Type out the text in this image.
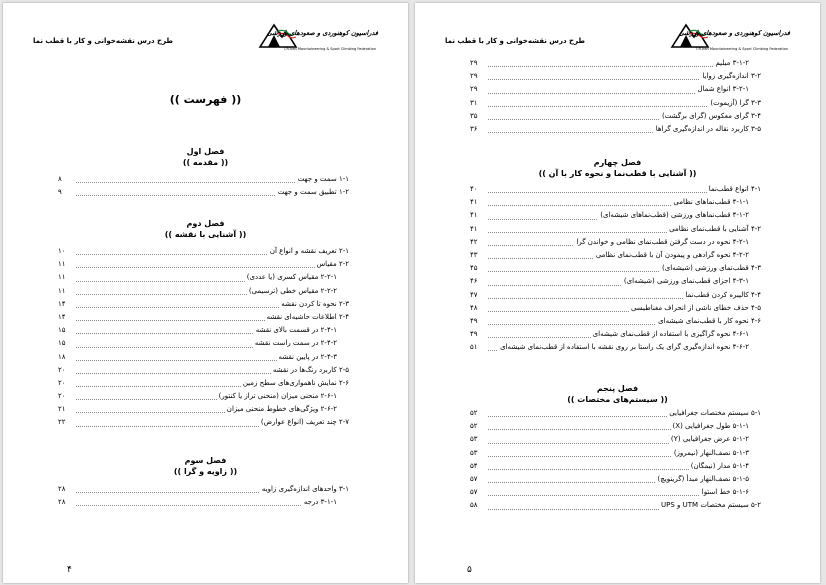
طرح درس نقشه‌خوانی و کار با قطب نما
فدراسیون کوهنوردی و صعودهای ورزشی
I.R.Iran Mountaineering & Sport Climbing Federation
(( فهرست ))
فصل اول
(( مقدمه ))
۱-۱ سمت و جهت
۸
۱-۲ تطبیق سمت و جهت
۹
فصل دوم
(( آشنایی با نقشه ))
۲-۱ تعریف نقشه و انواع آن
۱۰
۲-۲ مقیاس
۱۱
۲-۲-۱ مقیاس کسری (یا عددی)
۱۱
۲-۲-۲ مقیاس خطی (ترسیمی)
۱۱
۲-۳ نحوه تا کردن نقشه
۱۴
۲-۴ اطلاعات حاشیه‌ای نقشه
۱۴
۲-۴-۱ در قسمت بالای نقشه
۱۵
۲-۴-۲ در سمت راست نقشه
۱۵
۲-۴-۳ در پایین نقشه
۱۸
۲-۵ کاربرد رنگ‌ها در نقشه
۲۰
۲-۶ نمایش ناهمواری‌های سطح زمین
۲۰
۲-۶-۱ منحنی میزان (منحنی تراز یا کنتور)
۲۰
۲-۶-۲ ویژگی‌های خطوط منحنی میزان
۲۱
۲-۷ چند تعریف (انواع عوارض)
۲۲
فصل سوم
(( زاویه و گرا ))
۳-۱ واحدهای اندازه‌گیری زاویه
۲۸
۳-۱-۱ درجه
۲۸
۴
طرح درس نقشه‌خوانی و کار با قطب نما
فدراسیون کوهنوردی و صعودهای ورزشی
I.R.Iran Mountaineering & Sport Climbing Federation
۳-۱-۲ میلیم
۲۹
۳-۲ اندازه‌گیری زوایا
۲۹
۳-۲-۱ انواع شمال
۲۹
۳-۳ گرا (آزیموت)
۳۱
۳-۴ گرای معکوس (گرای برگشت)
۳۵
۳-۵ کاربرد نقاله در اندازه‌گیری گراها
۳۶
فصل چهارم
(( آشنایی با قطب‌نما و نحوه کار با آن ))
۴-۱ انواع قطب‌نما
۴۰
۴-۱-۱ قطب‌نماهای نظامی
۴۱
۴-۱-۲ قطب‌نماهای ورزشی (قطب‌نماهای شیشه‌ای)
۴۱
۴-۲ آشنایی با قطب‌نمای نظامی
۴۱
۴-۲-۱ نحوه در دست گرفتن قطب‌نمای نظامی و خواندن گرا
۴۲
۴-۲-۲ نحوه گرادهی و پیمودن آن با قطب‌نمای نظامی
۴۳
۴-۳ قطب‌نمای ورزشی (شیشه‌ای)
۴۵
۴-۳-۱ اجزای قطب‌نمای ورزشی (شیشه‌ای)
۴۶
۴-۴ کالیبره کردن قطب‌نما
۴۷
۴-۵ حذف خطای ناشی از انحراف مغناطیسی
۴۸
۴-۶ نحوه کار با قطب‌نمای شیشه‌ای
۴۹
۴-۶-۱ نحوه گراگیری با استفاده از قطب‌نمای شیشه‌ای
۴۹
۴-۶-۲ نحوه اندازه‌گیری گرای یک راستا بر روی نقشه با استفاده از قطب‌نمای شیشه‌ای
۵۱
فصل پنجم
(( سیستم‌های مختصات ))
۵-۱ سیستم مختصات جغرافیایی
۵۲
۵-۱-۱ طول جغرافیایی (X)
۵۲
۵-۱-۲ عرض جغرافیایی (Y)
۵۳
۵-۱-۳ نصف‌النهار (نیمروز)
۵۳
۵-۱-۴ مدار (نیمگان)
۵۴
۵-۱-۵ نصف‌النهار مبدأ (گرینویچ)
۵۷
۵-۱-۶ خط استوا
۵۷
۵-۲ سیستم مختصات UTM و UPS
۵۸
۵
